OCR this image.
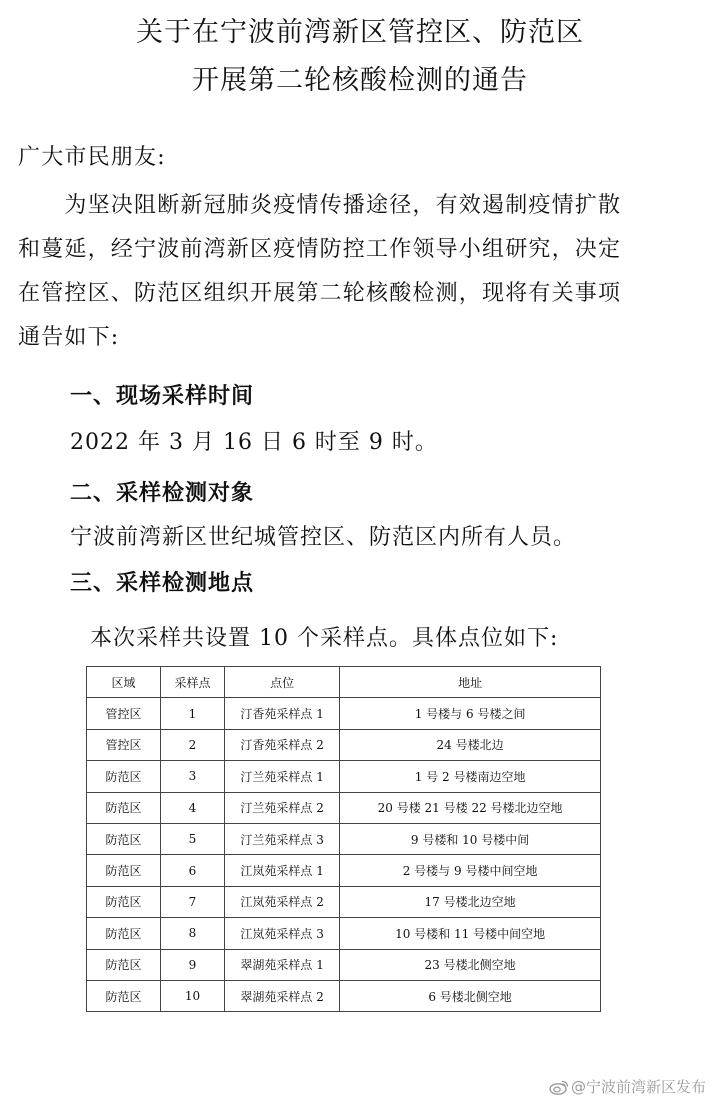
关于在宁波前湾新区管控区、防范区
开展第二轮核酸检测的通告
广大市民朋友:
　　为坚决阻断新冠肺炎疫情传播途径，有效遏制疫情扩散
和蔓延，经宁波前湾新区疫情防控工作领导小组研究，决定
在管控区、防范区组织开展第二轮核酸检测，现将有关事项
通告如下:
一、现场采样时间
2022 年 3 月 16 日 6 时至 9 时。
二、采样检测对象
宁波前湾新区世纪城管控区、防范区内所有人员。
三、采样检测地点
本次采样共设置 10 个采样点。具体点位如下:
区域	采样点	点位	地址
管控区	1	汀香苑采样点 1	1 号楼与 6 号楼之间
管控区	2	汀香苑采样点 2	24 号楼北边
防范区	3	汀兰苑采样点 1	1 号 2 号楼南边空地
防范区	4	汀兰苑采样点 2	20 号楼 21 号楼 22 号楼北边空地
防范区	5	汀兰苑采样点 3	9 号楼和 10 号楼中间
防范区	6	江岚苑采样点 1	2 号楼与 9 号楼中间空地
防范区	7	江岚苑采样点 2	17 号楼北边空地
防范区	8	江岚苑采样点 3	10 号楼和 11 号楼中间空地
防范区	9	翠湖苑采样点 1	23 号楼北侧空地
防范区	10	翠湖苑采样点 2	6 号楼北侧空地
@宁波前湾新区发布
